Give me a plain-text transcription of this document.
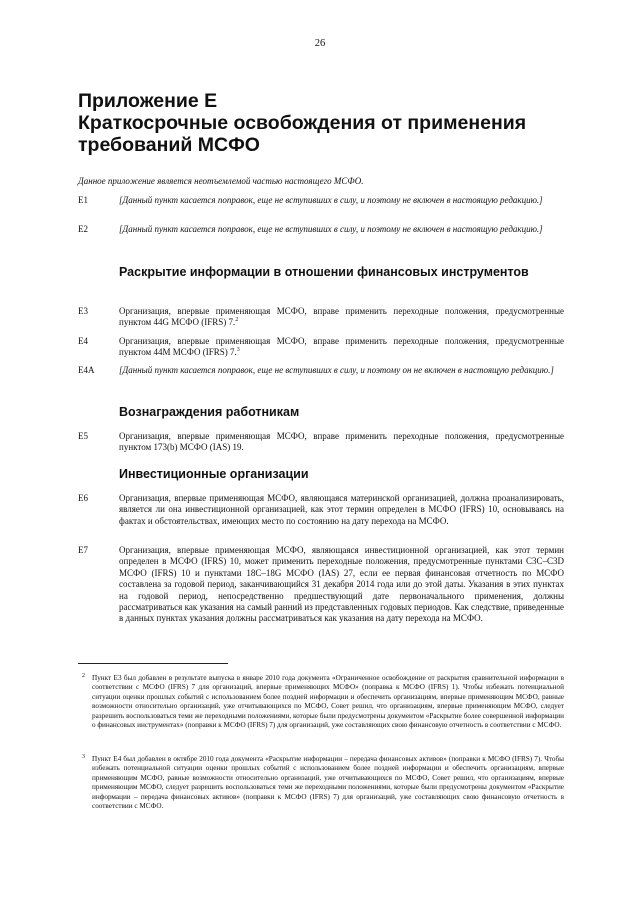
26
Приложение Е
Краткосрочные освобождения от применения
требований МСФО
Данное приложение является неотъемлемой частью настоящего МСФО.
E1	[Данный пункт касается поправок, еще не вступивших в силу, и поэтому не включен в настоящую редакцию.]
E2	[Данный пункт касается поправок, еще не вступивших в силу, и поэтому не включен в настоящую редакцию.]
Раскрытие информации в отношении финансовых инструментов
E3	Организация, впервые применяющая МСФО, вправе применить переходные положения, предусмотренные пунктом 44G МСФО (IFRS) 7.$^2$
E4	Организация, впервые применяющая МСФО, вправе применить переходные положения, предусмотренные пунктом 44M МСФО (IFRS) 7.$^3$
E4A	[Данный пункт касается поправок, еще не вступивших в силу, и поэтому он не включен в настоящую редакцию.]
Вознаграждения работникам
E5	Организация, впервые применяющая МСФО, вправе применить переходные положения, предусмотренные пунктом 173(b) МСФО (IAS) 19.
Инвестиционные организации
E6	Организация, впервые применяющая МСФО, являющаяся материнской организацией, должна проанализировать, является ли она инвестиционной организацией, как этот термин определен в МСФО (IFRS) 10, основываясь на фактах и обстоятельствах, имеющих место по состоянию на дату перехода на МСФО.
E7	Организация, впервые применяющая МСФО, являющаяся инвестиционной организацией, как этот термин определен в МСФО (IFRS) 10, может применить переходные положения, предусмотренные пунктами C3C–C3D МСФО (IFRS) 10 и пунктами 18C–18G МСФО (IAS) 27, если ее первая финансовая отчетность по МСФО составлена за годовой период, заканчивающийся 31 декабря 2014 года или до этой даты. Указания в этих пунктах на годовой период, непосредственно предшествующий дате первоначального применения, должны рассматриваться как указания на самый ранний из представленных годовых периодов. Как следствие, приведенные в данных пунктах указания должны рассматриваться как указания на дату перехода на МСФО.
2 Пункт E3 был добавлен в результате выпуска в январе 2010 года документа «Ограниченное освобождение от раскрытия сравнительной информации в соответствии с МСФО (IFRS) 7 для организаций, впервые применяющих МСФО» (поправка к МСФО (IFRS) 1). Чтобы избежать потенциальной ситуации оценки прошлых событий с использованием более поздней информации и обеспечить организациям, впервые применяющим МСФО, равные возможности относительно организаций, уже отчитывающихся по МСФО, Совет решил, что организациям, впервые применяющим МСФО, следует разрешить воспользоваться теми же переходными положениями, которые были предусмотрены документом «Раскрытие более совершенной информации о финансовых инструментах» (поправки к МСФО (IFRS) 7) для организаций, уже составляющих свою финансовую отчетность в соответствии с МСФО.
3 Пункт E4 был добавлен в октябре 2010 года документа «Раскрытие информации – передача финансовых активов» (поправки к МСФО (IFRS) 7). Чтобы избежать потенциальной ситуации оценки прошлых событий с использованием более поздней информации и обеспечить организациям, впервые применяющим МСФО, равные возможности относительно организаций, уже отчитывающихся по МСФО, Совет решил, что организациям, впервые применяющим МСФО, следует разрешить воспользоваться теми же переходными положениями, которые были предусмотрены документом «Раскрытие информации – передача финансовых активов» (поправки к МСФО (IFRS) 7) для организаций, уже составляющих свою финансовую отчетность в соответствии с МСФО.
